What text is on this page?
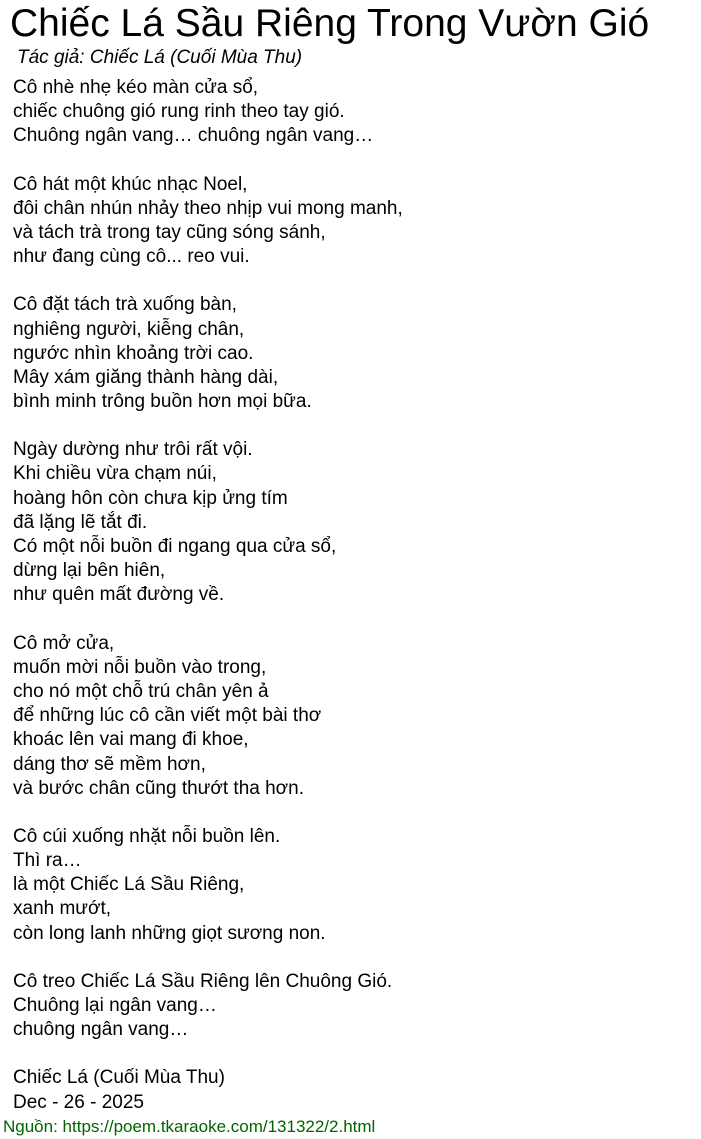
Chiếc Lá Sầu Riêng Trong Vườn Gió
Tác giả: Chiếc Lá (Cuối Mùa Thu)
Cô nhè nhẹ kéo màn cửa sổ,
chiếc chuông gió rung rinh theo tay gió.
Chuông ngân vang… chuông ngân vang…
Cô hát một khúc nhạc Noel,
đôi chân nhún nhảy theo nhịp vui mong manh,
và tách trà trong tay cũng sóng sánh,
như đang cùng cô... reo vui.
Cô đặt tách trà xuống bàn,
nghiêng người, kiễng chân,
ngước nhìn khoảng trời cao.
Mây xám giăng thành hàng dài,
bình minh trông buồn hơn mọi bữa.
Ngày dường như trôi rất vội.
Khi chiều vừa chạm núi,
hoàng hôn còn chưa kịp ửng tím
đã lặng lẽ tắt đi.
Có một nỗi buồn đi ngang qua cửa sổ,
dừng lại bên hiên,
như quên mất đường về.
Cô mở cửa,
muốn mời nỗi buồn vào trong,
cho nó một chỗ trú chân yên ả
để những lúc cô cần viết một bài thơ
khoác lên vai mang đi khoe,
dáng thơ sẽ mềm hơn,
và bước chân cũng thướt tha hơn.
Cô cúi xuống nhặt nỗi buồn lên.
Thì ra…
là một Chiếc Lá Sầu Riêng,
xanh mướt,
còn long lanh những giọt sương non.
Cô treo Chiếc Lá Sầu Riêng lên Chuông Gió.
Chuông lại ngân vang…
chuông ngân vang…
Chiếc Lá (Cuối Mùa Thu)
Dec - 26 - 2025
Nguồn: https://poem.tkaraoke.com/131322/2.html
